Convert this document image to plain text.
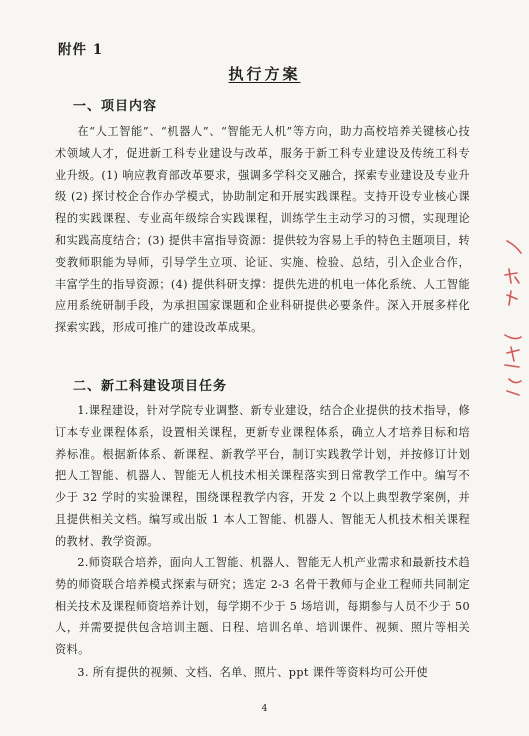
附件 1
执行方案
一、项目内容
在“人工智能”、“机器人”、“智能无人机”等方向，助力高校培养关键核心技术领域人才，促进新工科专业建设与改革，服务于新工科专业建设及传统工科专业升级。(1) 响应教育部改革要求，强调多学科交叉融合，探索专业建设及专业升级 (2) 探讨校企合作办学模式，协助制定和开展实践课程。支持开设专业核心课程的实践课程、专业高年级综合实践课程，训练学生主动学习的习惯，实现理论和实践高度结合；(3) 提供丰富指导资源：提供较为容易上手的特色主题项目，转变教师职能为导师，引导学生立项、论证、实施、检验、总结，引入企业合作，丰富学生的指导资源；(4) 提供科研支撑：提供先进的机电一体化系统、人工智能应用系统研制手段，为承担国家课题和企业科研提供必要条件。深入开展多样化探索实践，形成可推广的建设改革成果。
二、新工科建设项目任务
1.课程建设，针对学院专业调整、新专业建设，结合企业提供的技术指导，修订本专业课程体系，设置相关课程，更新专业课程体系，确立人才培养目标和培养标准。根据新体系、新课程、新教学平台，制订实践教学计划，并按修订计划把人工智能、机器人、智能无人机技术相关课程落实到日常教学工作中。编写不少于 32 学时的实验课程，围绕课程教学内容，开发 2 个以上典型教学案例，并且提供相关文档。编写或出版 1 本人工智能、机器人、智能无人机技术相关课程的教材、教学资源。
2.师资联合培养，面向人工智能、机器人、智能无人机产业需求和最新技术趋势的师资联合培养模式探索与研究；选定 2-3 名骨干教师与企业工程师共同制定相关技术及课程师资培养计划，每学期不少于 5 场培训，每期参与人员不少于 50 人，并需要提供包含培训主题、日程、培训名单、培训课件、视频、照片等相关资料。
3. 所有提供的视频、文档、名单、照片、ppt 课件等资料均可公开使
4
